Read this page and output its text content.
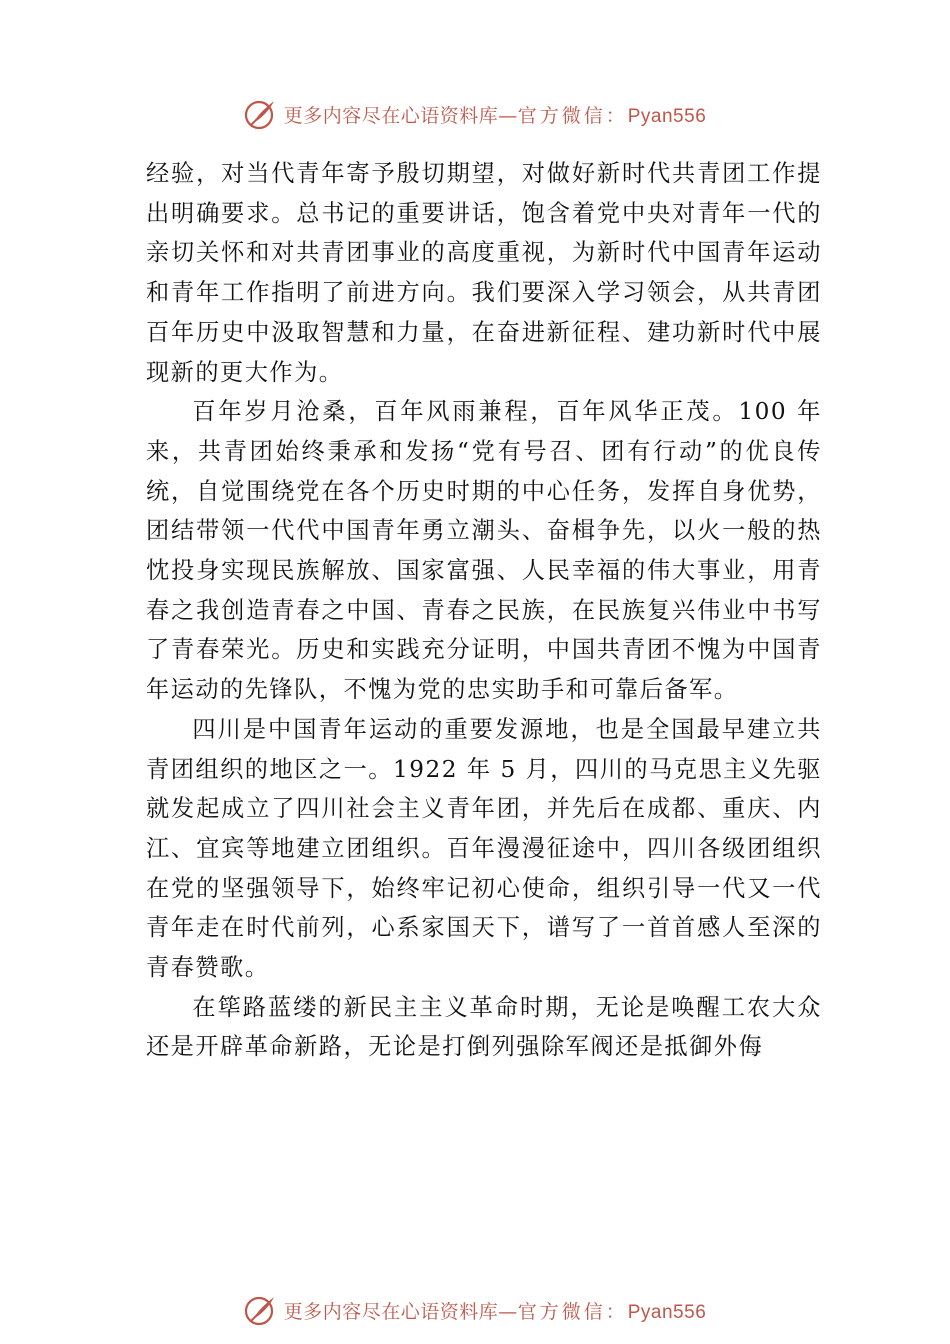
更多内容尽在心语资料库—官方微信：Pyan556

经验，对当代青年寄予殷切期望，对做好新时代共青团工作提出明确要求。总书记的重要讲话，饱含着党中央对青年一代的亲切关怀和对共青团事业的高度重视，为新时代中国青年运动和青年工作指明了前进方向。我们要深入学习领会，从共青团百年历史中汲取智慧和力量，在奋进新征程、建功新时代中展现新的更大作为。

百年岁月沧桑，百年风雨兼程，百年风华正茂。100 年来，共青团始终秉承和发扬“党有号召、团有行动”的优良传统，自觉围绕党在各个历史时期的中心任务，发挥自身优势，团结带领一代代中国青年勇立潮头、奋楫争先，以火一般的热忱投身实现民族解放、国家富强、人民幸福的伟大事业，用青春之我创造青春之中国、青春之民族，在民族复兴伟业中书写了青春荣光。历史和实践充分证明，中国共青团不愧为中国青年运动的先锋队，不愧为党的忠实助手和可靠后备军。

四川是中国青年运动的重要发源地，也是全国最早建立共青团组织的地区之一。1922 年 5 月，四川的马克思主义先驱就发起成立了四川社会主义青年团，并先后在成都、重庆、内江、宜宾等地建立团组织。百年漫漫征途中，四川各级团组织在党的坚强领导下，始终牢记初心使命，组织引导一代又一代青年走在时代前列，心系家国天下，谱写了一首首感人至深的青春赞歌。

在筚路蓝缕的新民主主义革命时期，无论是唤醒工农大众还是开辟革命新路，无论是打倒列强除军阀还是抵御外侮

更多内容尽在心语资料库—官方微信：Pyan556
